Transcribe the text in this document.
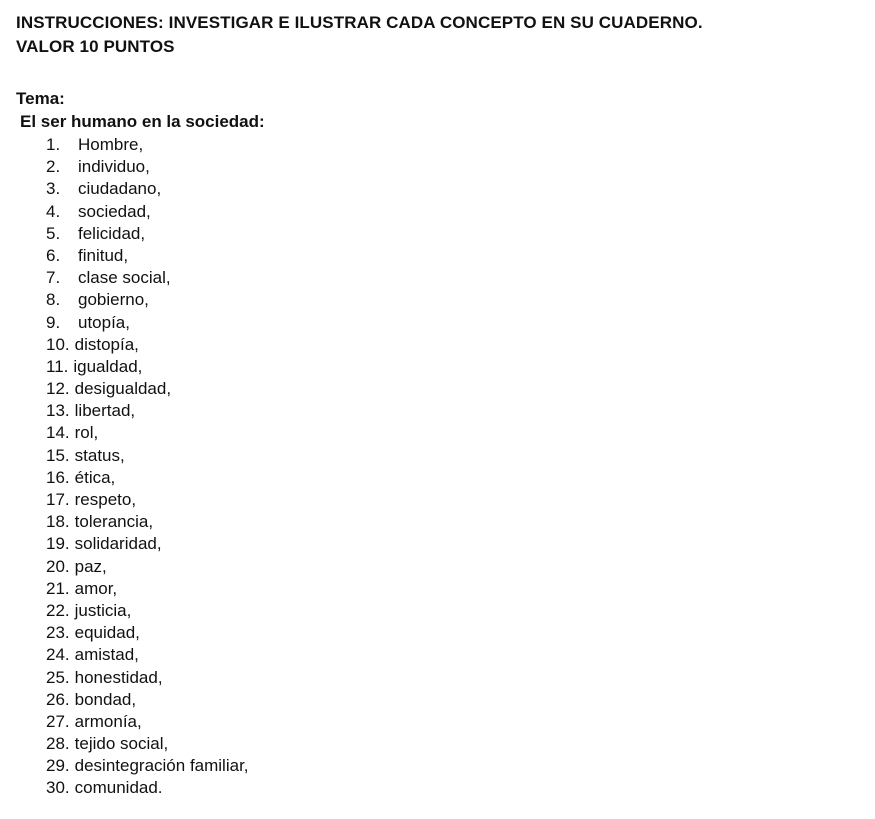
INSTRUCCIONES: INVESTIGAR E ILUSTRAR CADA CONCEPTO EN SU CUADERNO.
VALOR 10 PUNTOS
Tema:
El ser humano en la sociedad:
1.	Hombre,
2.	individuo,
3.	ciudadano,
4.	sociedad,
5.	felicidad,
6.	finitud,
7.	clase social,
8.	gobierno,
9.	utopía,
10. distopía,
11. igualdad,
12. desigualdad,
13. libertad,
14. rol,
15. status,
16. ética,
17. respeto,
18. tolerancia,
19. solidaridad,
20. paz,
21. amor,
22. justicia,
23. equidad,
24. amistad,
25. honestidad,
26. bondad,
27. armonía,
28. tejido social,
29. desintegración familiar,
30. comunidad.
